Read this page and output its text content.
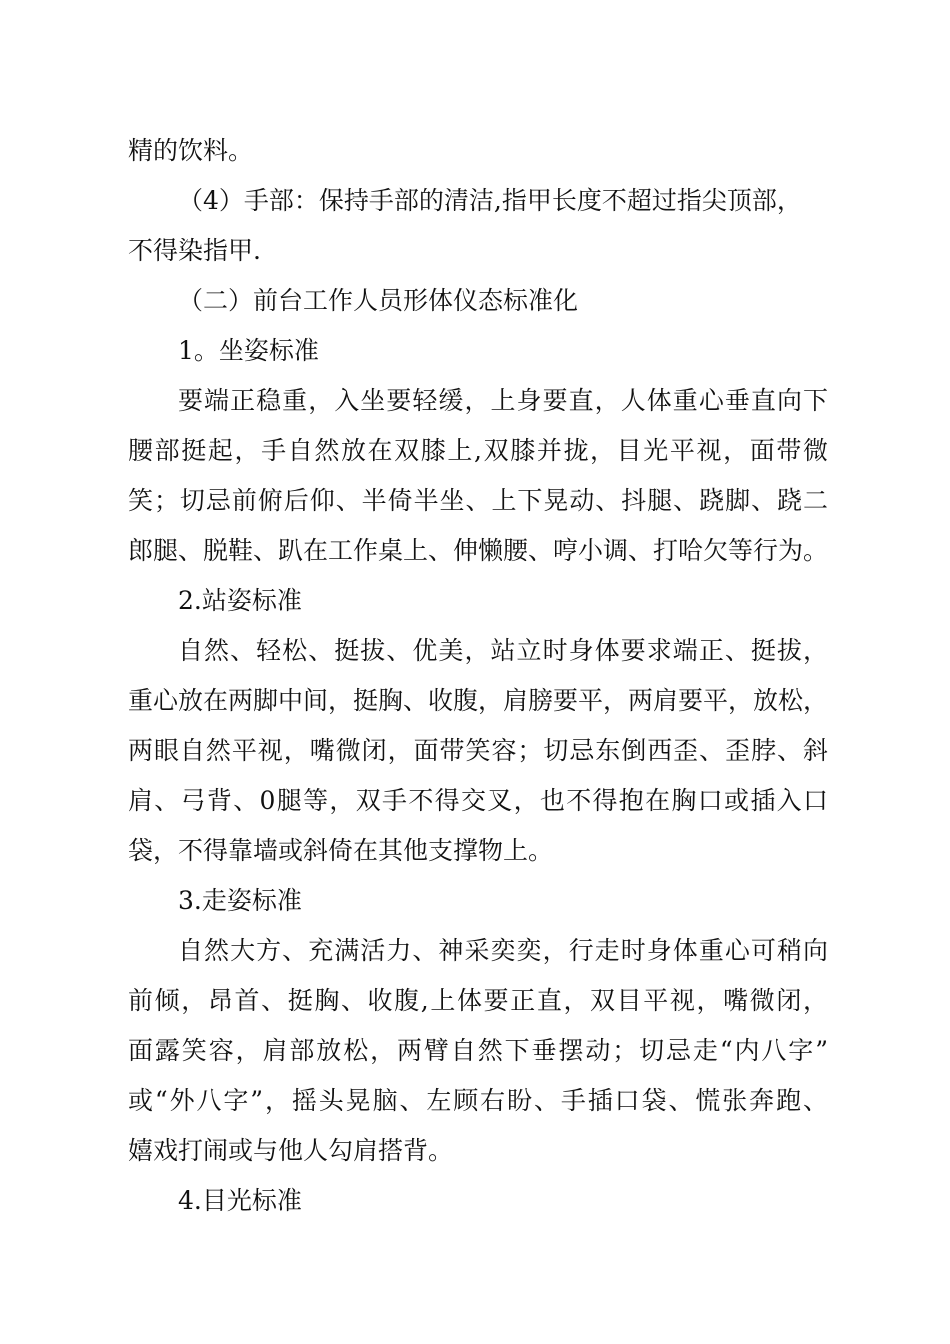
精的饮料。
（4）手部：保持手部的清洁,指甲长度不超过指尖顶部，
不得染指甲.
（二）前台工作人员形体仪态标准化
1。坐姿标准
要端正稳重，入坐要轻缓，上身要直，人体重心垂直向下
腰部挺起，手自然放在双膝上,双膝并拢，目光平视，面带微
笑；切忌前俯后仰、半倚半坐、上下晃动、抖腿、跷脚、跷二
郎腿、脱鞋、趴在工作桌上、伸懒腰、哼小调、打哈欠等行为。
2.站姿标准
自然、轻松、挺拔、优美，站立时身体要求端正、挺拔，
重心放在两脚中间，挺胸、收腹，肩膀要平，两肩要平，放松，
两眼自然平视，嘴微闭，面带笑容；切忌东倒西歪、歪脖、斜
肩、弓背、0腿等，双手不得交叉，也不得抱在胸口或插入口
袋，不得靠墙或斜倚在其他支撑物上。
3.走姿标准
自然大方、充满活力、神采奕奕，行走时身体重心可稍向
前倾，昂首、挺胸、收腹,上体要正直，双目平视，嘴微闭，
面露笑容，肩部放松，两臂自然下垂摆动；切忌走“内八字”
或“外八字”，摇头晃脑、左顾右盼、手插口袋、慌张奔跑、
嬉戏打闹或与他人勾肩搭背。
4.目光标准
